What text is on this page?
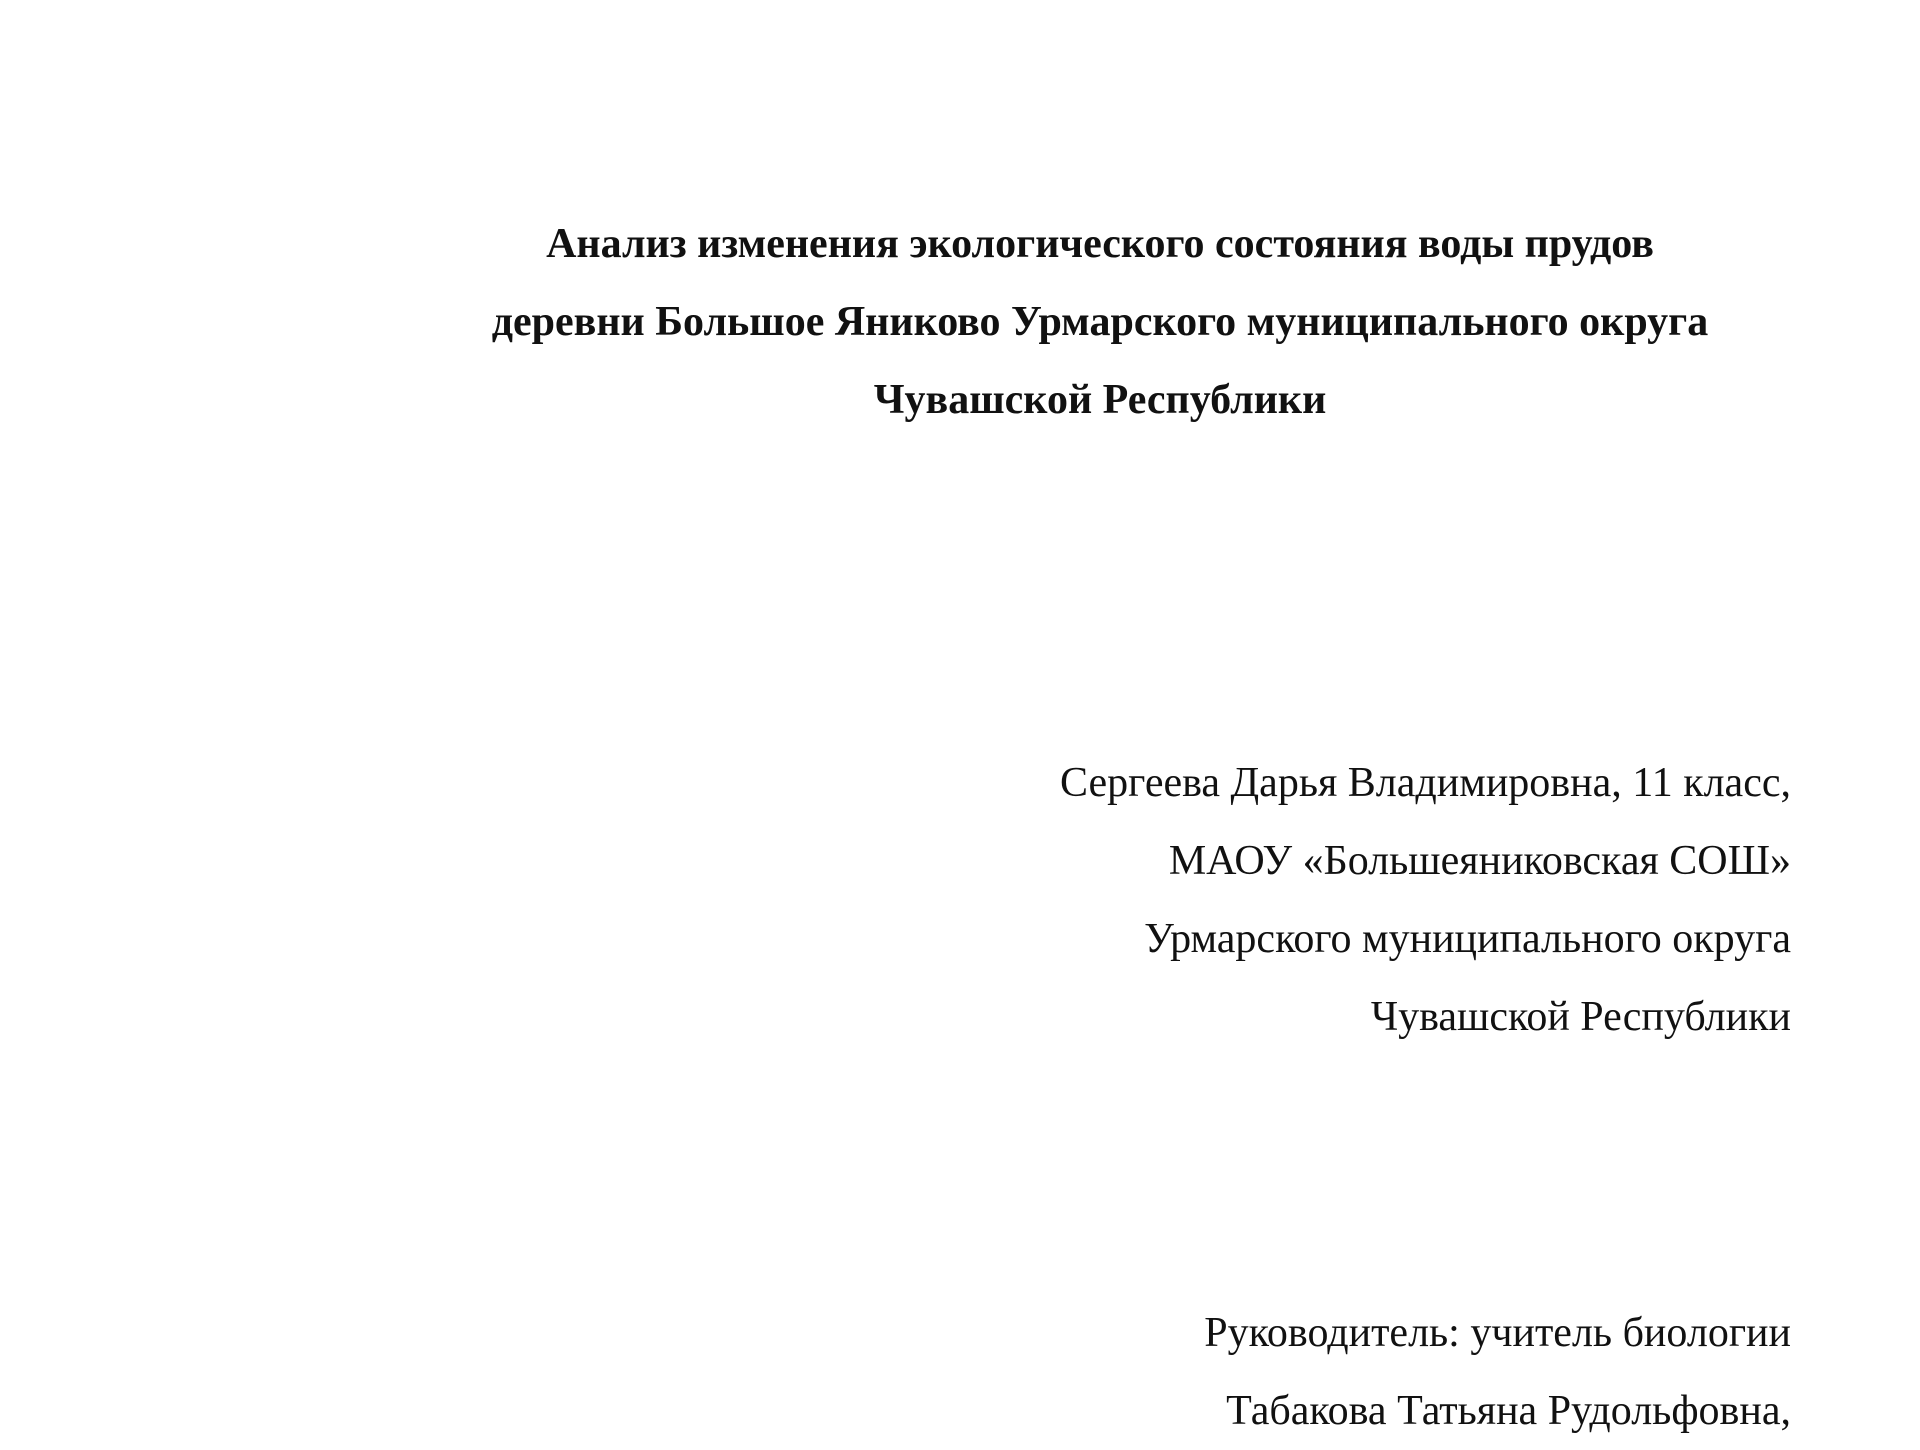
Анализ изменения экологического состояния воды прудов
деревни Большое Яниково Урмарского муниципального округа
Чувашской Республики
Сергеева Дарья Владимировна, 11 класс,
МАОУ «Большеяниковская СОШ»
Урмарского муниципального округа
Чувашской Республики
Руководитель: учитель биологии
Табакова Татьяна Рудольфовна,
